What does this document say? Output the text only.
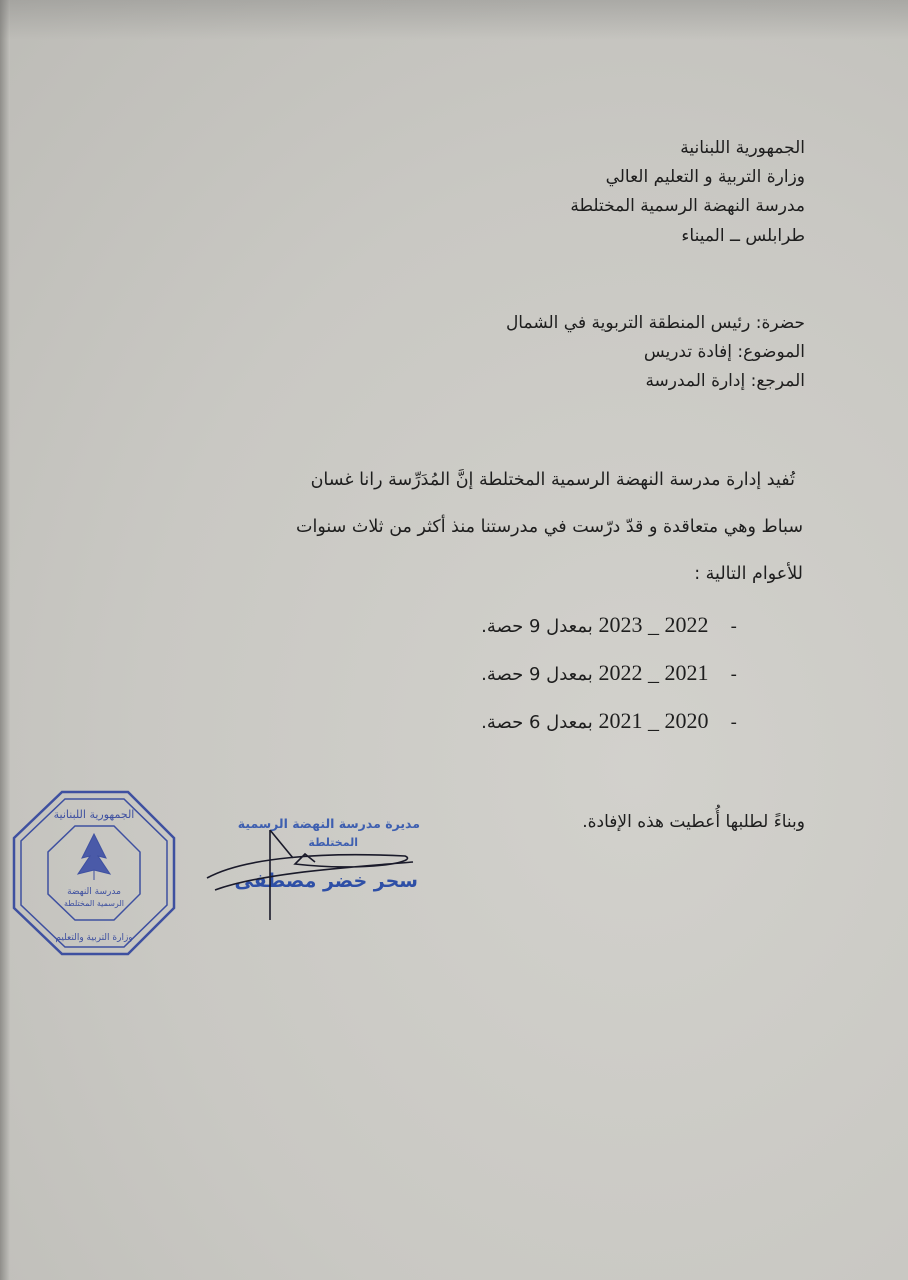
الجمهورية اللبنانية
وزارة التربية و التعليم العالي
مدرسة النهضة الرسمية المختلطة
طرابلس ــ الميناء
حضرة: رئيس المنطقة التربوية في الشمال
الموضوع: إفادة تدريس
المرجع: إدارة المدرسة
تُفيد إدارة مدرسة النهضة الرسمية المختلطة إنَّ المُدَرِّسة رانا غسان
سباط وهي متعاقدة و قدّ درّست في مدرستنا منذ أكثر من ثلاث سنوات
للأعوام التالية :
-2022 _ 2023 بمعدل 9 حصة.
-2021 _ 2022 بمعدل 9 حصة.
-2020 _ 2021 بمعدل 6 حصة.
وبناءً لطلبها أُعطيت هذه الإفادة.
مديرة مدرسة النهضة الرسمية
المختلطة
سحر خضر مصطفى
مدرسة النهضة
الرسمية المختلطة
الجمهورية اللبنانية
وزارة التربية والتعليم
